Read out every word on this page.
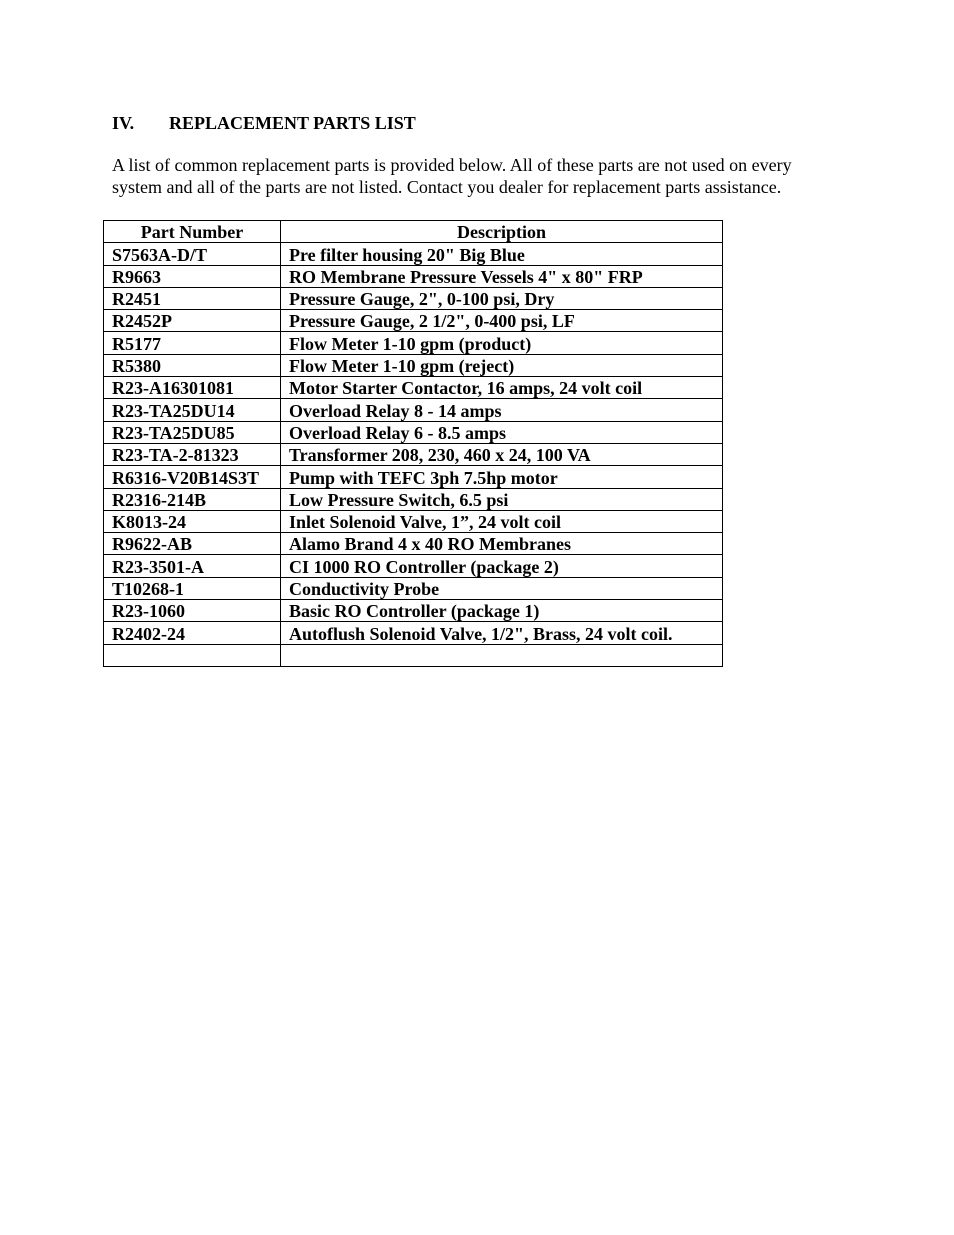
IV. REPLACEMENT PARTS LIST

A list of common replacement parts is provided below. All of these parts are not used on every

system and all of the parts are not listed. Contact you dealer for replacement parts assistance.

Part Number	Description
S7563A-D/T	Pre filter housing 20" Big Blue
R9663	RO Membrane Pressure Vessels 4" x 80" FRP
R2451	Pressure Gauge, 2", 0-100 psi, Dry
R2452P	Pressure Gauge, 2 1/2", 0-400 psi, LF
R5177	Flow Meter 1-10 gpm (product)
R5380	Flow Meter 1-10 gpm (reject)
R23-A16301081	Motor Starter Contactor, 16 amps, 24 volt coil
R23-TA25DU14	Overload Relay 8 - 14 amps
R23-TA25DU85	Overload Relay 6 - 8.5 amps
R23-TA-2-81323	Transformer 208, 230, 460 x 24, 100 VA
R6316-V20B14S3T	Pump with TEFC 3ph 7.5hp motor
R2316-214B	Low Pressure Switch, 6.5 psi
K8013-24	Inlet Solenoid Valve, 1”, 24 volt coil
R9622-AB	Alamo Brand 4 x 40 RO Membranes
R23-3501-A	CI 1000 RO Controller (package 2)
T10268-1	Conductivity Probe
R23-1060	Basic RO Controller (package 1)
R2402-24	Autoflush Solenoid Valve, 1/2", Brass, 24 volt coil.
